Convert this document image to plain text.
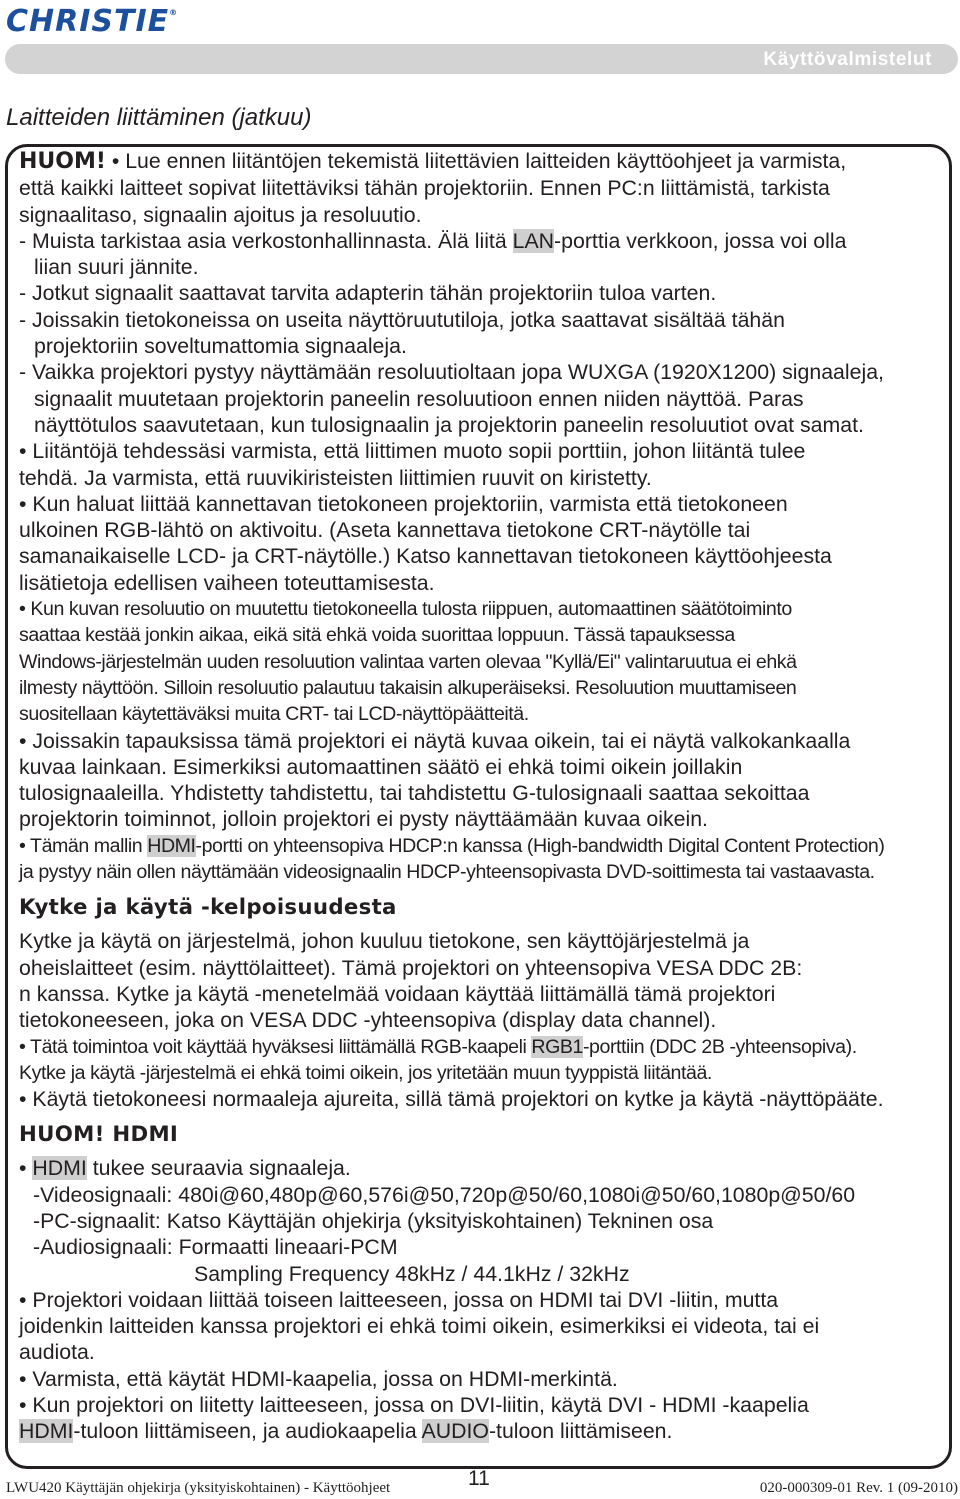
CHRISTIE®
Käyttövalmistelut
Laitteiden liittäminen (jatkuu)

HUOM! • Lue ennen liitäntöjen tekemistä liitettävien laitteiden käyttöohjeet ja varmista,

että kaikki laitteet sopivat liitettäviksi tähän projektoriin. Ennen PC:n liittämistä, tarkista

signaalitaso, signaalin ajoitus ja resoluutio.

- Muista tarkistaa asia verkostonhallinnasta. Älä liitä LAN-porttia verkkoon, jossa voi olla

liian suuri jännite.

- Jotkut signaalit saattavat tarvita adapterin tähän projektoriin tuloa varten.

- Joissakin tietokoneissa on useita näyttöruututiloja, jotka saattavat sisältää tähän

projektoriin soveltumattomia signaaleja.

- Vaikka projektori pystyy näyttämään resoluutioltaan jopa WUXGA (1920X1200) signaaleja,

signaalit muutetaan projektorin paneelin resoluutioon ennen niiden näyttöä. Paras

näyttötulos saavutetaan, kun tulosignaalin ja projektorin paneelin resoluutiot ovat samat.

• Liitäntöjä tehdessäsi varmista, että liittimen muoto sopii porttiin, johon liitäntä tulee

tehdä. Ja varmista, että ruuvikiristeisten liittimien ruuvit on kiristetty.

• Kun haluat liittää kannettavan tietokoneen projektoriin, varmista että tietokoneen

ulkoinen RGB-lähtö on aktivoitu. (Aseta kannettava tietokone CRT-näytölle tai

samanaikaiselle LCD- ja CRT-näytölle.) Katso kannettavan tietokoneen käyttöohjeesta

lisätietoja edellisen vaiheen toteuttamisesta.

• Kun kuvan resoluutio on muutettu tietokoneella tulosta riippuen, automaattinen säätötoiminto

saattaa kestää jonkin aikaa, eikä sitä ehkä voida suorittaa loppuun. Tässä tapauksessa

Windows-järjestelmän uuden resoluution valintaa varten olevaa "Kyllä/Ei" valintaruutua ei ehkä

ilmesty näyttöön. Silloin resoluutio palautuu takaisin alkuperäiseksi. Resoluution muuttamiseen

suositellaan käytettäväksi muita CRT- tai LCD-näyttöpäätteitä.

• Joissakin tapauksissa tämä projektori ei näytä kuvaa oikein, tai ei näytä valkokankaalla

kuvaa lainkaan. Esimerkiksi automaattinen säätö ei ehkä toimi oikein joillakin

tulosignaaleilla. Yhdistetty tahdistettu, tai tahdistettu G-tulosignaali saattaa sekoittaa

projektorin toiminnot, jolloin projektori ei pysty näyttäämään kuvaa oikein.

• Tämän mallin HDMI-portti on yhteensopiva HDCP:n kanssa (High-bandwidth Digital Content Protection)

ja pystyy näin ollen näyttämään videosignaalin HDCP-yhteensopivasta DVD-soittimesta tai vastaavasta.

Kytke ja käytä -kelpoisuudesta

Kytke ja käytä on järjestelmä, johon kuuluu tietokone, sen käyttöjärjestelmä ja

oheislaitteet (esim. näyttölaitteet). Tämä projektori on yhteensopiva VESA DDC 2B:

n kanssa. Kytke ja käytä -menetelmää voidaan käyttää liittämällä tämä projektori

tietokoneeseen, joka on VESA DDC -yhteensopiva (display data channel).

• Tätä toimintoa voit käyttää hyväksesi liittämällä RGB-kaapeli RGB1-porttiin (DDC 2B -yhteensopiva).

Kytke ja käytä -järjestelmä ei ehkä toimi oikein, jos yritetään muun tyyppistä liitäntää.

• Käytä tietokoneesi normaaleja ajureita, sillä tämä projektori on kytke ja käytä -näyttöpääte.

HUOM! HDMI

• HDMI tukee seuraavia signaaleja.

-Videosignaali: 480i@60,480p@60,576i@50,720p@50/60,1080i@50/60,1080p@50/60

-PC-signaalit: Katso Käyttäjän ohjekirja (yksityiskohtainen) Tekninen osa

-Audiosignaali: Formaatti lineaari-PCM

Sampling Frequency 48kHz / 44.1kHz / 32kHz

• Projektori voidaan liittää toiseen laitteeseen, jossa on HDMI tai DVI -liitin, mutta

joidenkin laitteiden kanssa projektori ei ehkä toimi oikein, esimerkiksi ei videota, tai ei

audiota.

• Varmista, että käytät HDMI-kaapelia, jossa on HDMI-merkintä.

• Kun projektori on liitetty laitteeseen, jossa on DVI-liitin, käytä DVI - HDMI -kaapelia

HDMI-tuloon liittämiseen, ja audiokaapelia AUDIO-tuloon liittämiseen.

LWU420 Käyttäjän ohjekirja (yksityiskohtainen) - Käyttöohjeet	11	020-000309-01 Rev. 1 (09-2010)
